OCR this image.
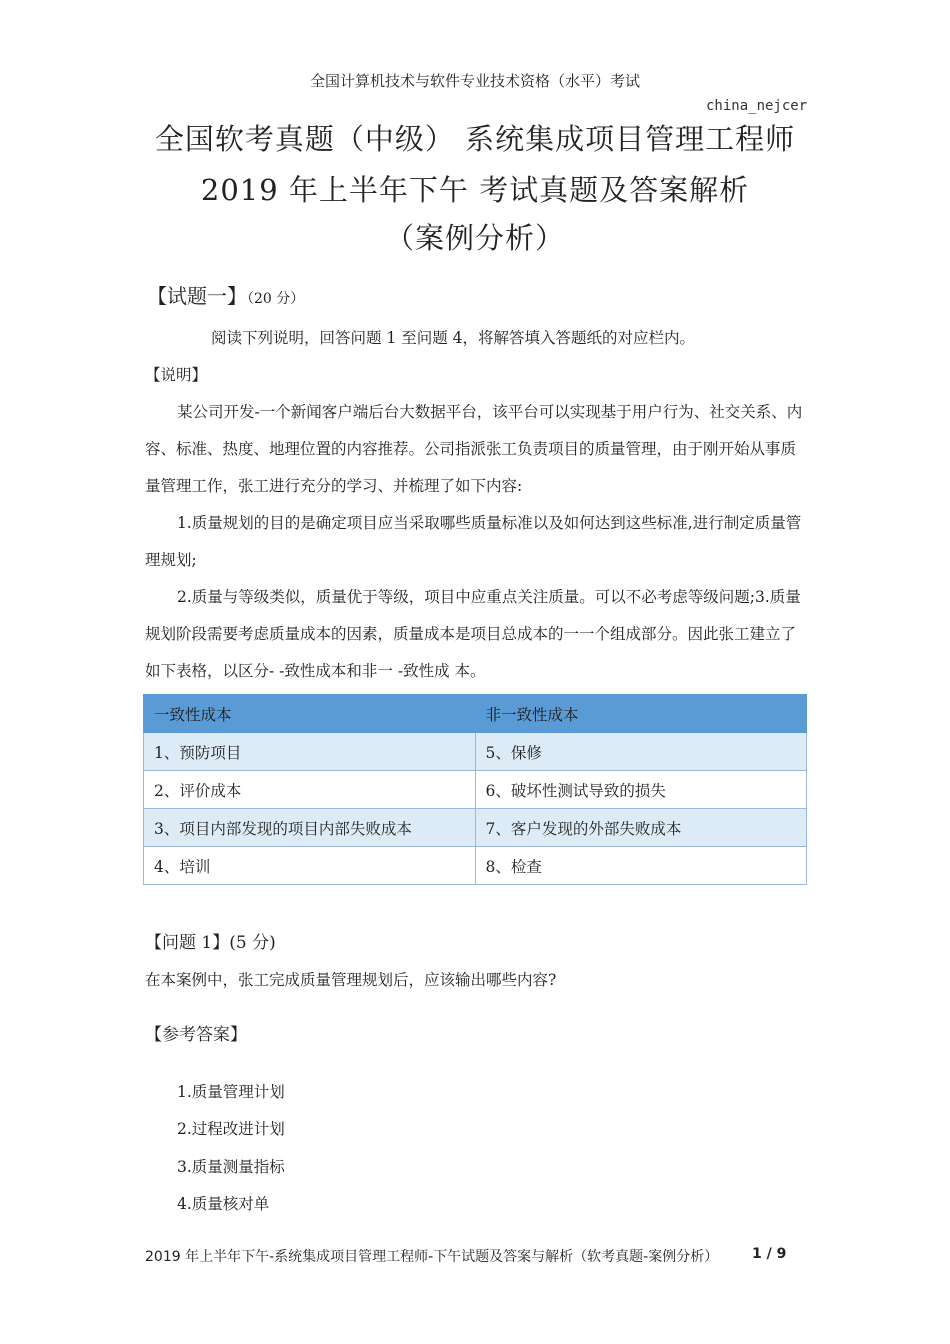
全国计算机技术与软件专业技术资格（水平）考试
china_nejcer
全国软考真题（中级） 系统集成项目管理工程师
2019 年上半年下午 考试真题及答案解析
（案例分析）
【试题一】（20 分）
阅读下列说明，回答问题 1 至问题 4，将解答填入答题纸的对应栏内。
【说明】
某公司开发-一个新闻客户端后台大数据平台，该平台可以实现基于用户行为、社交关系、内容、标准、热度、地理位置的内容推荐。公司指派张工负责项目的质量管理，由于刚开始从事质量管理工作，张工进行充分的学习、并梳理了如下内容:
1.质量规划的目的是确定项目应当采取哪些质量标准以及如何达到这些标准,进行制定质量管理规划;
2.质量与等级类似，质量优于等级，项目中应重点关注质量。可以不必考虑等级问题;3.质量规划阶段需要考虑质量成本的因素，质量成本是项目总成本的一一个组成部分。因此张工建立了如下表格，以区分- -致性成本和非一 -致性成 本。
一致性成本	非一致性成本
1、预防项目	5、保修
2、评价成本	6、破坏性测试导致的损失
3、项目内部发现的项目内部失败成本	7、客户发现的外部失败成本
4、培训	8、检查
【问题 1】(5 分)
在本案例中，张工完成质量管理规划后，应该输出哪些内容?
【参考答案】
1.质量管理计划
2.过程改进计划
3.质量测量指标
4.质量核对单
2019 年上半年下午-系统集成项目管理工程师-下午试题及答案与解析（软考真题-案例分析） 1 / 9
